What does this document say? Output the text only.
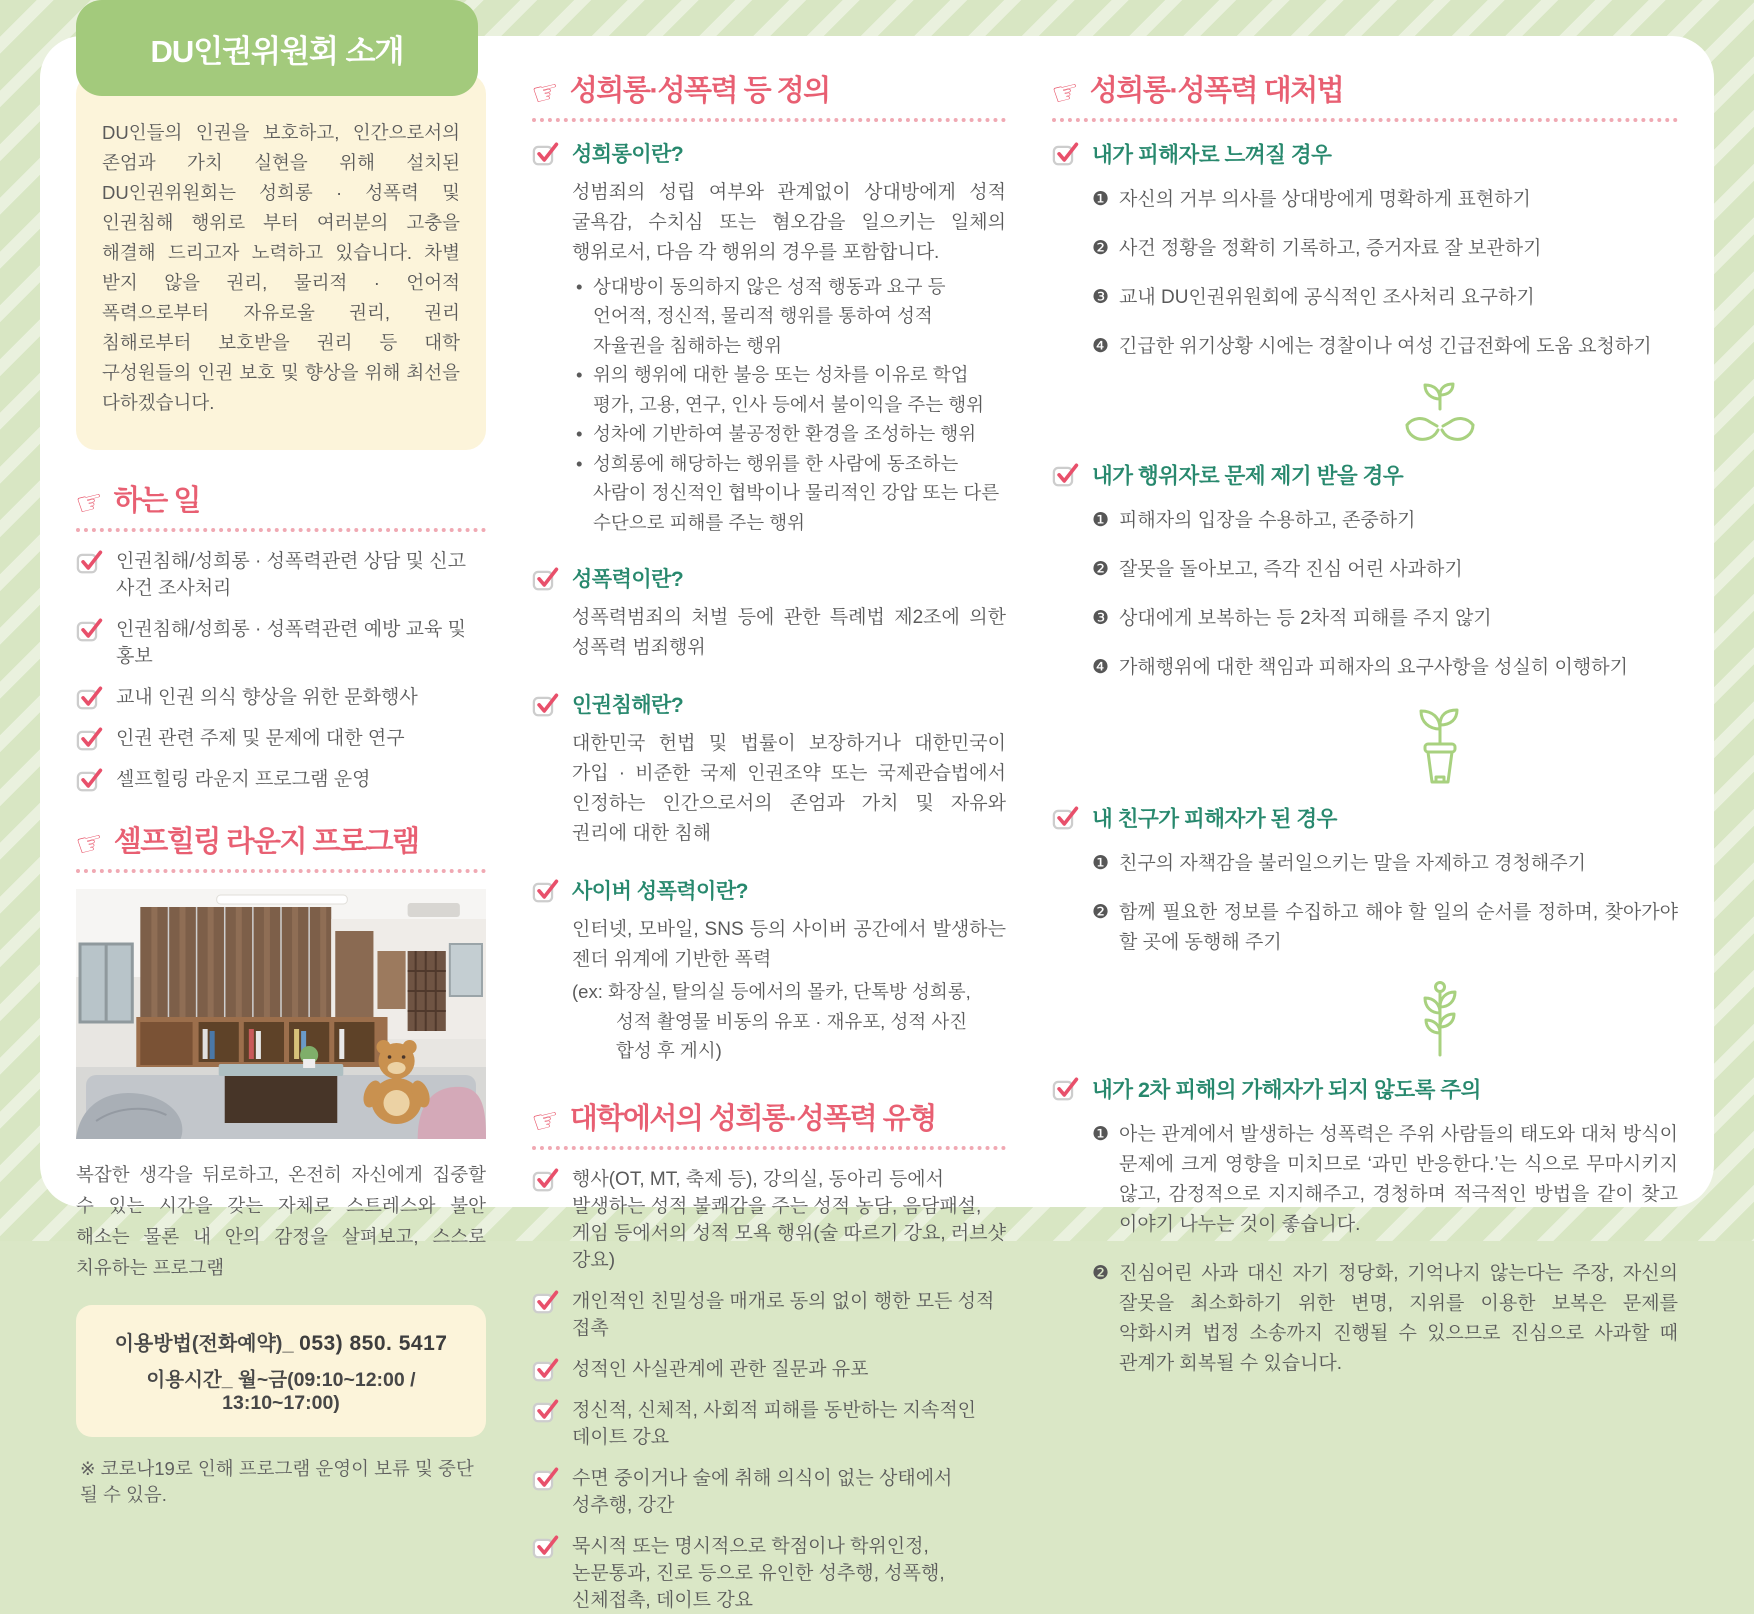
DU인권위원회 소개

DU인들의 인권을 보호하고, 인간으로서의 존엄과 가치 실현을 위해 설치된 DU인권위원회는 성희롱 · 성폭력 및 인권침해 행위로 부터 여러분의 고충을 해결해 드리고자 노력하고 있습니다. 차별 받지 않을 권리, 물리적 · 언어적 폭력으로부터 자유로울 권리, 권리 침해로부터 보호받을 권리 등 대학 구성원들의 인권 보호 및 향상을 위해 최선을 다하겠습니다.

☞
하는 일
인권침해/성희롱 · 성폭력관련 상담 및 신고 사건 조사처리
인권침해/성희롱 · 성폭력관련 예방 교육 및 홍보
교내 인권 의식 향상을 위한 문화행사
인권 관련 주제 및 문제에 대한 연구
셀프힐링 라운지 프로그램 운영
☞
셀프힐링 라운지 프로그램

복잡한 생각을 뒤로하고, 온전히 자신에게 집중할 수 있는 시간을 갖는 자체로 스트레스와 불안 해소는 물론 내 안의 감정을 살펴보고, 스스로 치유하는 프로그램

이용방법(전화예약)_ 053) 850. 5417
이용시간_ 월~금(09:10~12:00 / 13:10~17:00)

※ 코로나19로 인해 프로그램 운영이 보류 및 중단될 수 있음.

☞
성희롱·성폭력 등 정의
성희롱이란?

성범죄의 성립 여부와 관계없이 상대방에게 성적 굴욕감, 수치심 또는 혐오감을 일으키는 일체의 행위로서, 다음 각 행위의 경우를 포함합니다.

• 상대방이 동의하지 않은 성적 행동과 요구 등 언어적, 정신적, 물리적 행위를 통하여 성적 자율권을 침해하는 행위
• 위의 행위에 대한 불응 또는 성차를 이유로 학업 평가, 고용, 연구, 인사 등에서 불이익을 주는 행위
• 성차에 기반하여 불공정한 환경을 조성하는 행위
• 성희롱에 해당하는 행위를 한 사람에 동조하는 사람이 정신적인 협박이나 물리적인 강압 또는 다른 수단으로 피해를 주는 행위
성폭력이란?

성폭력범죄의 처벌 등에 관한 특례법 제2조에 의한 성폭력 범죄행위

인권침해란?

대한민국 헌법 및 법률이 보장하거나 대한민국이 가입 · 비준한 국제 인권조약 또는 국제관습법에서 인정하는 인간으로서의 존엄과 가치 및 자유와 권리에 대한 침해

사이버 성폭력이란?

인터넷, 모바일, SNS 등의 사이버 공간에서 발생하는 젠더 위계에 기반한 폭력

(ex: 화장실, 탈의실 등에서의 몰카, 단톡방 성희롱, 성적 촬영물 비동의 유포 · 재유포, 성적 사진 합성 후 게시)

☞
대학에서의 성희롱·성폭력 유형
행사(OT, MT, 축제 등), 강의실, 동아리 등에서 발생하는 성적 불쾌감을 주는 성적 농담, 음담패설, 게임 등에서의 성적 모욕 행위(술 따르기 강요, 러브샷 강요)
개인적인 친밀성을 매개로 동의 없이 행한 모든 성적 접촉
성적인 사실관계에 관한 질문과 유포
정신적, 신체적, 사회적 피해를 동반하는 지속적인 데이트 강요
수면 중이거나 술에 취해 의식이 없는 상태에서 성추행, 강간
묵시적 또는 명시적으로 학점이나 학위인정, 논문통과, 진로 등으로 유인한 성추행, 성폭행, 신체접촉, 데이트 강요
☞
성희롱·성폭력 대처법
내가 피해자로 느껴질 경우
❶ 자신의 거부 의사를 상대방에게 명확하게 표현하기
❷ 사건 정황을 정확히 기록하고, 증거자료 잘 보관하기
❸ 교내 DU인권위원회에 공식적인 조사처리 요구하기
❹ 긴급한 위기상황 시에는 경찰이나 여성 긴급전화에 도움 요청하기
내가 행위자로 문제 제기 받을 경우
❶ 피해자의 입장을 수용하고, 존중하기
❷ 잘못을 돌아보고, 즉각 진심 어린 사과하기
❸ 상대에게 보복하는 등 2차적 피해를 주지 않기
❹ 가해행위에 대한 책임과 피해자의 요구사항을 성실히 이행하기
내 친구가 피해자가 된 경우
❶ 친구의 자책감을 불러일으키는 말을 자제하고 경청해주기
❷ 함께 필요한 정보를 수집하고 해야 할 일의 순서를 정하며, 찾아가야 할 곳에 동행해 주기
내가 2차 피해의 가해자가 되지 않도록 주의
❶ 아는 관계에서 발생하는 성폭력은 주위 사람들의 태도와 대처 방식이 문제에 크게 영향을 미치므로 ‘과민 반응한다.’는 식으로 무마시키지 않고, 감정적으로 지지해주고, 경청하며 적극적인 방법을 같이 찾고 이야기 나누는 것이 좋습니다.
❷ 진심어린 사과 대신 자기 정당화, 기억나지 않는다는 주장, 자신의 잘못을 최소화하기 위한 변명, 지위를 이용한 보복은 문제를 악화시켜 법정 소송까지 진행될 수 있으므로 진심으로 사과할 때 관계가 회복될 수 있습니다.
